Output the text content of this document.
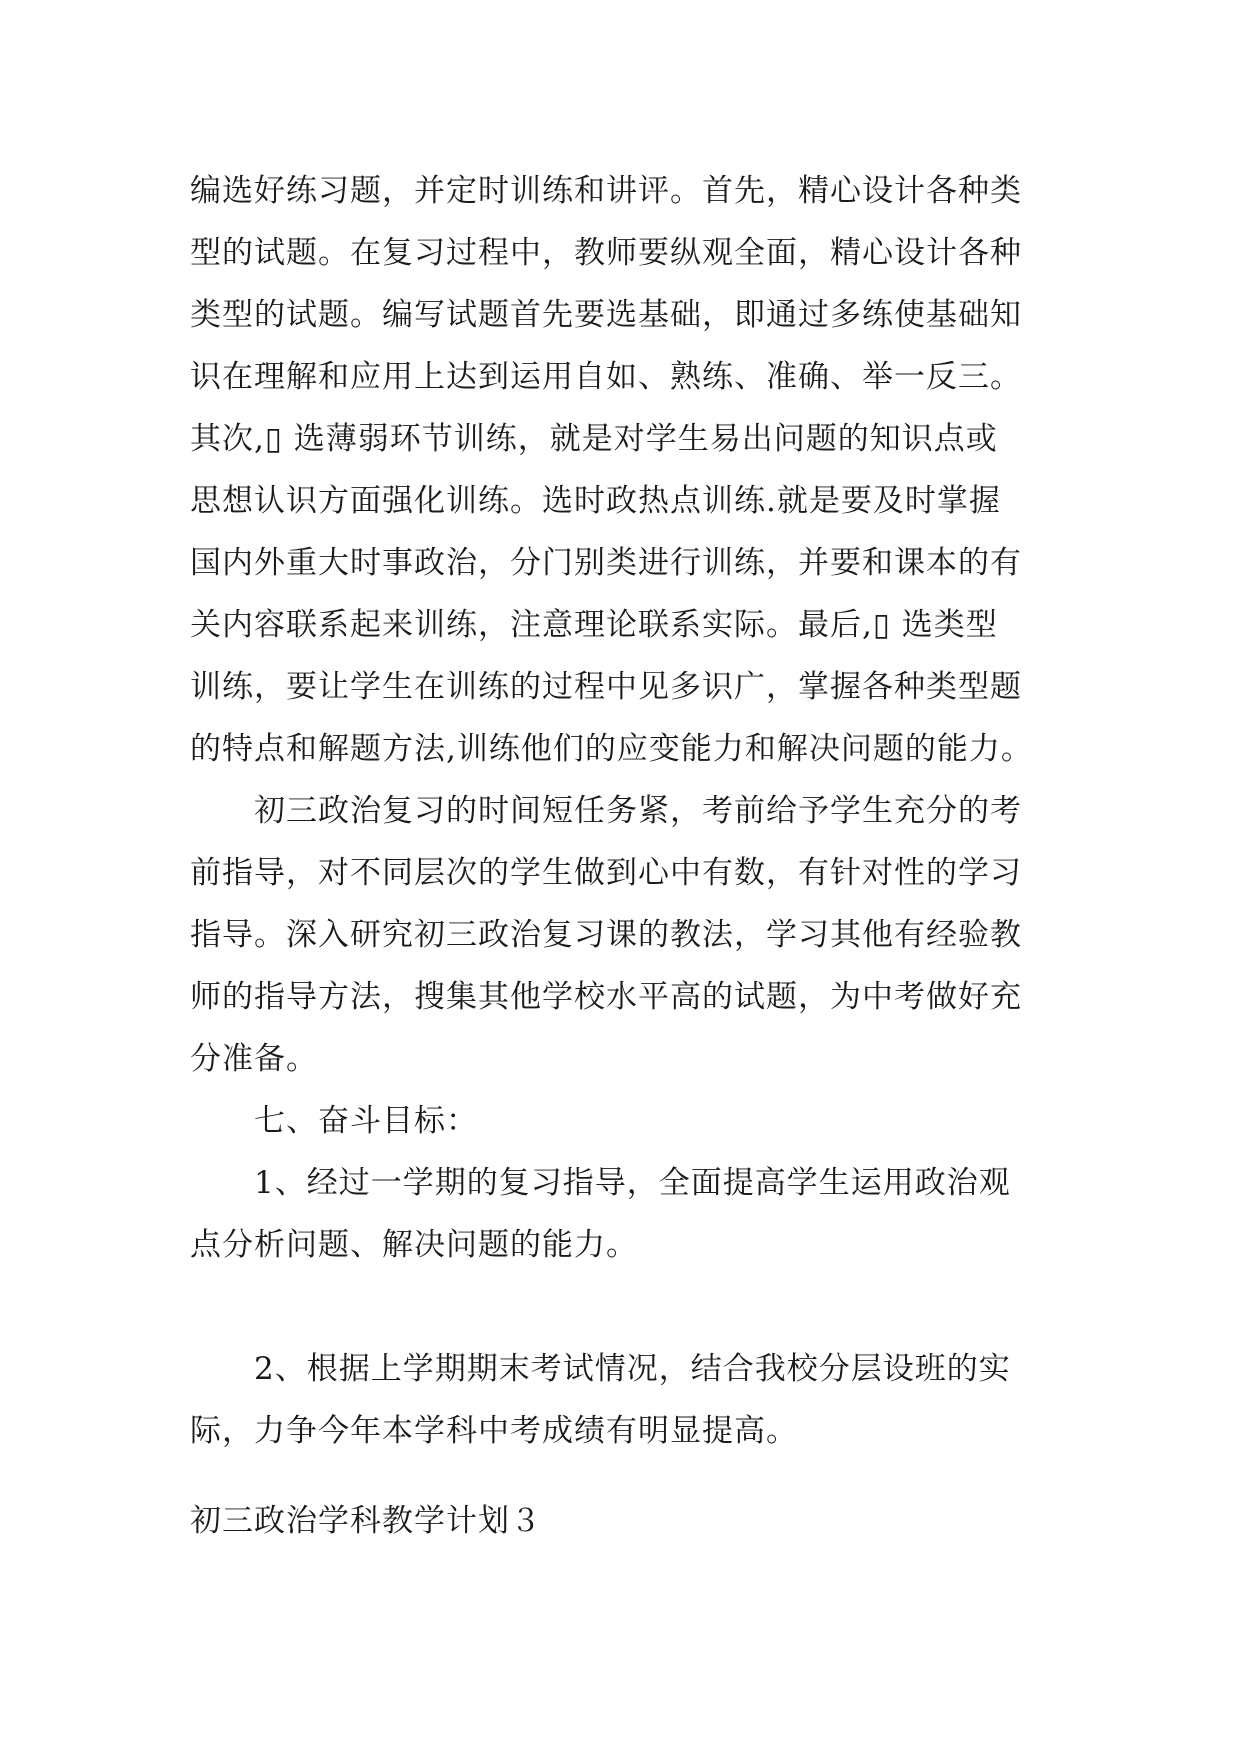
编选好练习题，并定时训练和讲评。首先，精心设计各种类
型的试题。在复习过程中，教师要纵观全面，精心设计各种
类型的试题。编写试题首先要选基础，即通过多练使基础知
识在理解和应用上达到运用自如、熟练、准确、举一反三。
其次,▯ 选薄弱环节训练，就是对学生易出问题的知识点或
思想认识方面强化训练。选时政热点训练.就是要及时掌握
国内外重大时事政治，分门别类进行训练，并要和课本的有
关内容联系起来训练，注意理论联系实际。最后,▯ 选类型
训练，要让学生在训练的过程中见多识广，掌握各种类型题
的特点和解题方法,训练他们的应变能力和解决问题的能力。
初三政治复习的时间短任务紧，考前给予学生充分的考
前指导，对不同层次的学生做到心中有数，有针对性的学习
指导。深入研究初三政治复习课的教法，学习其他有经验教
师的指导方法，搜集其他学校水平高的试题，为中考做好充
分准备。
七、奋斗目标：
1、经过一学期的复习指导，全面提高学生运用政治观
点分析问题、解决问题的能力。
2、根据上学期期末考试情况，结合我校分层设班的实
际，力争今年本学科中考成绩有明显提高。
初三政治学科教学计划３
